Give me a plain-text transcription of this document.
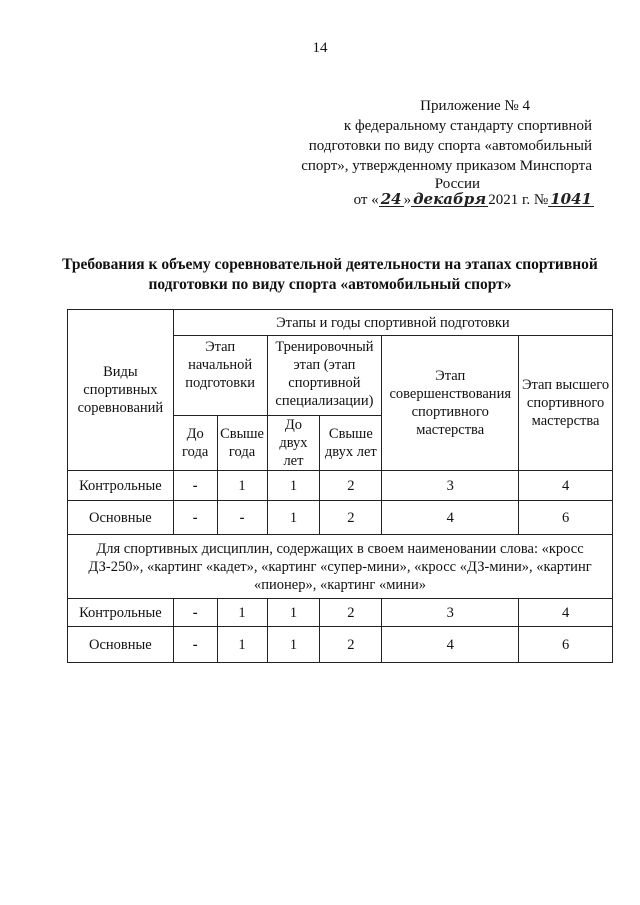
14
Приложение № 4
к федеральному стандарту спортивной
подготовки по виду спорта «автомобильный
спорт», утвержденному приказом Минспорта
России
от « 24 » декабря 2021 г. № 1041
Требования к объему соревновательной деятельности на этапах спортивной
подготовки по виду спорта «автомобильный спорт»
Виды спортивных соревнований	Этапы и годы спортивной подготовки					
	Этап начальной подготовки		Тренировочный этап (этап спортивной специализации)		Этап совершенствования спортивного мастерства	Этап высшего спортивного мастерства
	До года	Свыше года	До двух лет	Свыше двух лет		
Контрольные	-	1	1	2	3	4
Основные	-	-	1	2	4	6
Для спортивных дисциплин, содержащих в своем наименовании слова: «кросс ДЗ-250», «картинг «кадет», «картинг «супер-мини», «кросс «ДЗ-мини», «картинг «пионер», «картинг «мини»						
Контрольные	-	1	1	2	3	4
Основные	-	1	1	2	4	6
